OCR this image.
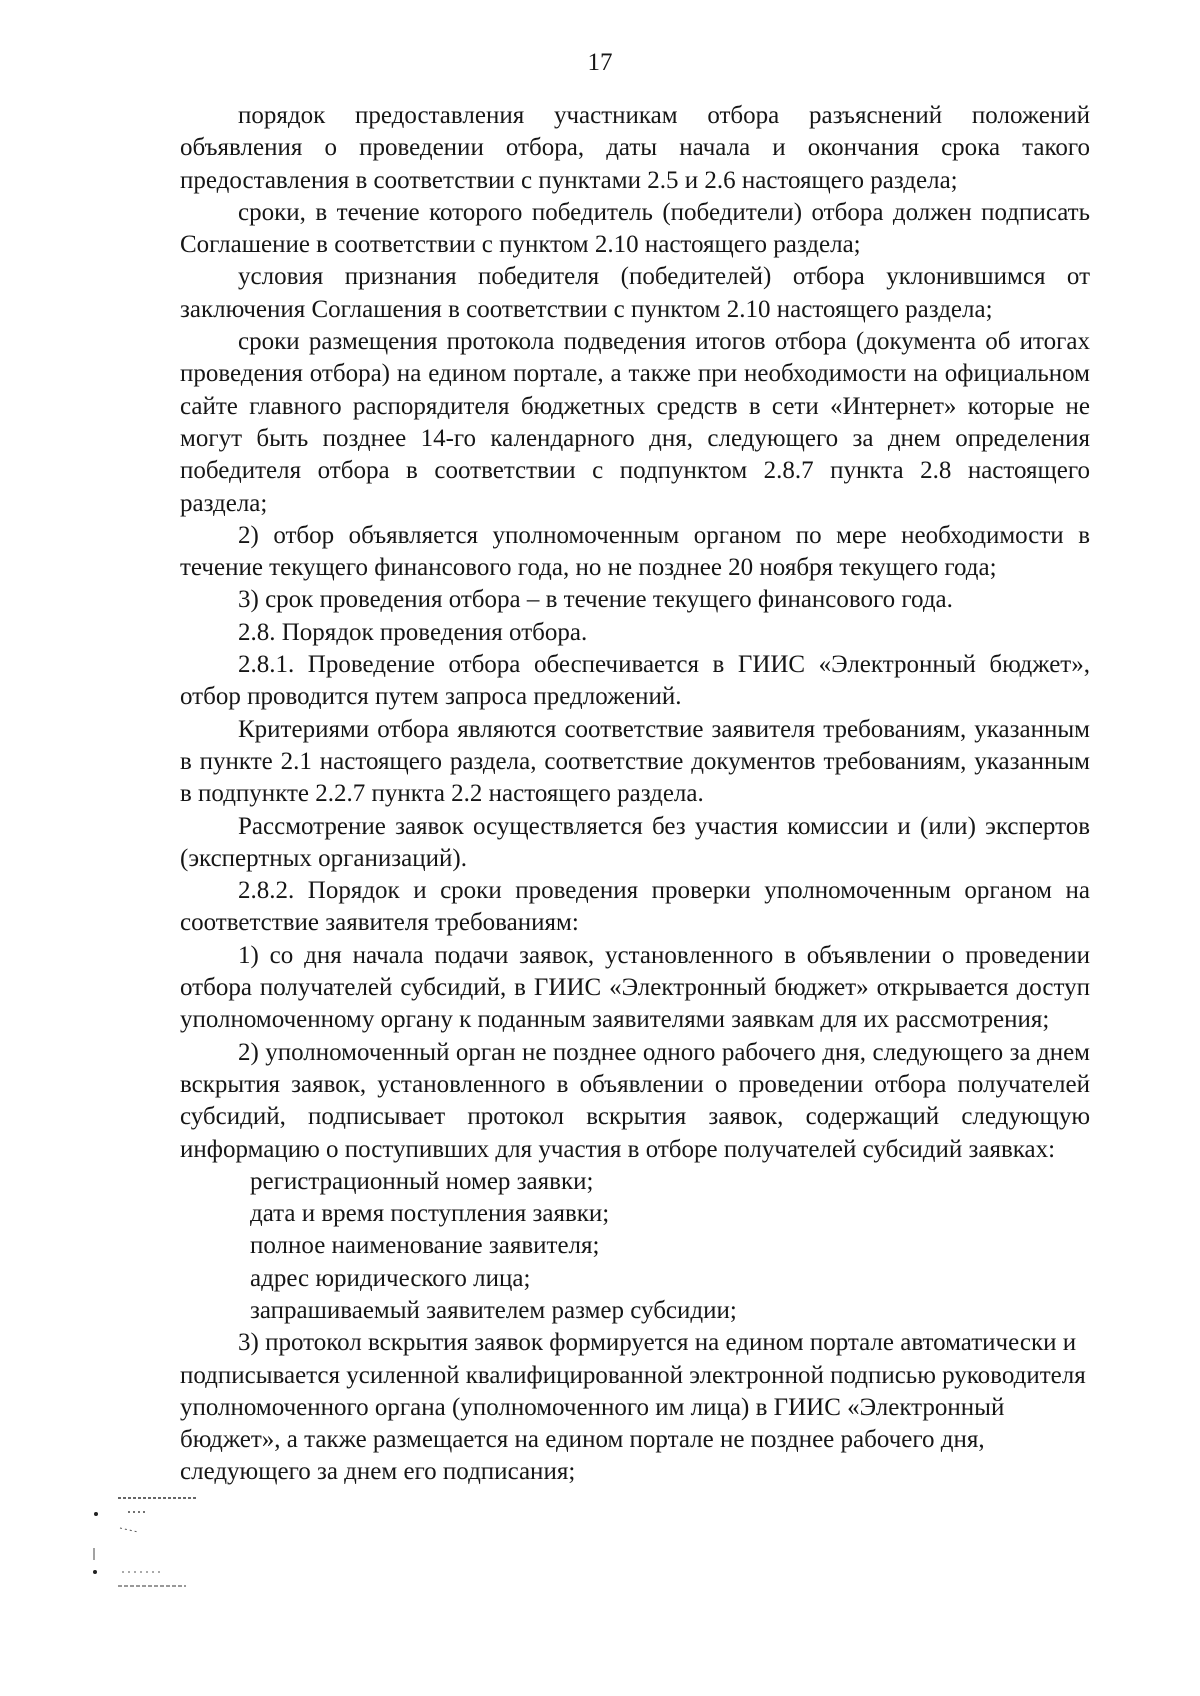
17

порядок предоставления участникам отбора разъяснений положений объявления о проведении отбора, даты начала и окончания срока такого предоставления в соответствии с пунктами 2.5 и 2.6 настоящего раздела;

сроки, в течение которого победитель (победители) отбора должен подписать Соглашение в соответствии с пунктом 2.10 настоящего раздела;

условия признания победителя (победителей) отбора уклонившимся от заключения Соглашения в соответствии с пунктом 2.10 настоящего раздела;

сроки размещения протокола подведения итогов отбора (документа об итогах проведения отбора) на едином портале, а также при необходимости на официальном сайте главного распорядителя бюджетных средств в сети «Интернет» которые не могут быть позднее 14-го календарного дня, следующего за днем определения победителя отбора в соответствии с подпунктом 2.8.7 пункта 2.8 настоящего раздела;

2) отбор объявляется уполномоченным органом по мере необходимости в течение текущего финансового года, но не позднее 20 ноября текущего года;

3) срок проведения отбора – в течение текущего финансового года.

2.8. Порядок проведения отбора.

2.8.1. Проведение отбора обеспечивается в ГИИС «Электронный бюджет», отбор проводится путем запроса предложений.

Критериями отбора являются соответствие заявителя требованиям, указанным в пункте 2.1 настоящего раздела, соответствие документов требованиям, указанным в подпункте 2.2.7 пункта 2.2 настоящего раздела.

Рассмотрение заявок осуществляется без участия комиссии и (или) экспертов (экспертных организаций).

2.8.2. Порядок и сроки проведения проверки уполномоченным органом на соответствие заявителя требованиям:

1) со дня начала подачи заявок, установленного в объявлении о проведении отбора получателей субсидий, в ГИИС «Электронный бюджет» открывается доступ уполномоченному органу к поданным заявителями заявкам для их рассмотрения;

2) уполномоченный орган не позднее одного рабочего дня, следующего за днем вскрытия заявок, установленного в объявлении о проведении отбора получателей субсидий, подписывает протокол вскрытия заявок, содержащий следующую информацию о поступивших для участия в отборе получателей субсидий заявках:

регистрационный номер заявки;

дата и время поступления заявки;

полное наименование заявителя;

адрес юридического лица;

запрашиваемый заявителем размер субсидии;

3) протокол вскрытия заявок формируется на едином портале автоматически и подписывается усиленной квалифицированной электронной подписью руководителя уполномоченного органа (уполномоченного им лица) в ГИИС «Электронный бюджет», а также размещается на едином портале не позднее рабочего дня, следующего за днем его подписания;
